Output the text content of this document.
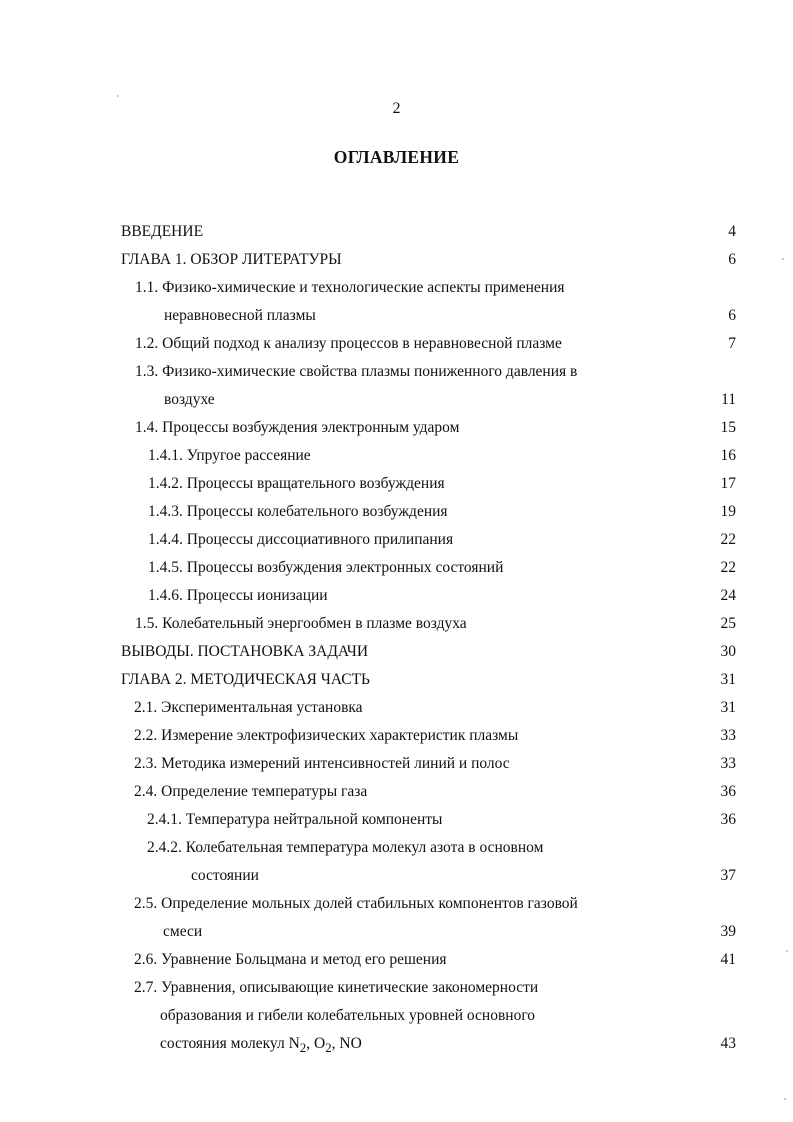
2
ОГЛАВЛЕНИЕ
ВВЕДЕНИЕ	4
ГЛАВА 1. ОБЗОР ЛИТЕРАТУРЫ	6
1.1. Физико-химические и технологические аспекты применения
неравновесной плазмы	6
1.2. Общий подход к анализу процессов в неравновесной плазме	7
1.3. Физико-химические свойства плазмы пониженного давления в
воздухе	11
1.4. Процессы возбуждения электронным ударом	15
1.4.1. Упругое рассеяние	16
1.4.2. Процессы вращательного возбуждения	17
1.4.3. Процессы колебательного возбуждения	19
1.4.4. Процессы диссоциативного прилипания	22
1.4.5. Процессы возбуждения электронных состояний	22
1.4.6. Процессы ионизации	24
1.5. Колебательный энергообмен в плазме воздуха	25
ВЫВОДЫ. ПОСТАНОВКА ЗАДАЧИ	30
ГЛАВА 2. МЕТОДИЧЕСКАЯ ЧАСТЬ	31
2.1. Экспериментальная установка	31
2.2. Измерение электрофизических характеристик плазмы	33
2.3. Методика измерений интенсивностей линий и полос	33
2.4. Определение температуры газа	36
2.4.1. Температура нейтральной компоненты	36
2.4.2. Колебательная температура молекул азота в основном
состоянии	37
2.5. Определение мольных долей стабильных компонентов газовой
смеси	39
2.6. Уравнение Больцмана и метод его решения	41
2.7. Уравнения, описывающие кинетические закономерности
образования и гибели колебательных уровней основного
состояния молекул $N_2$, $O_2$, NO	43
